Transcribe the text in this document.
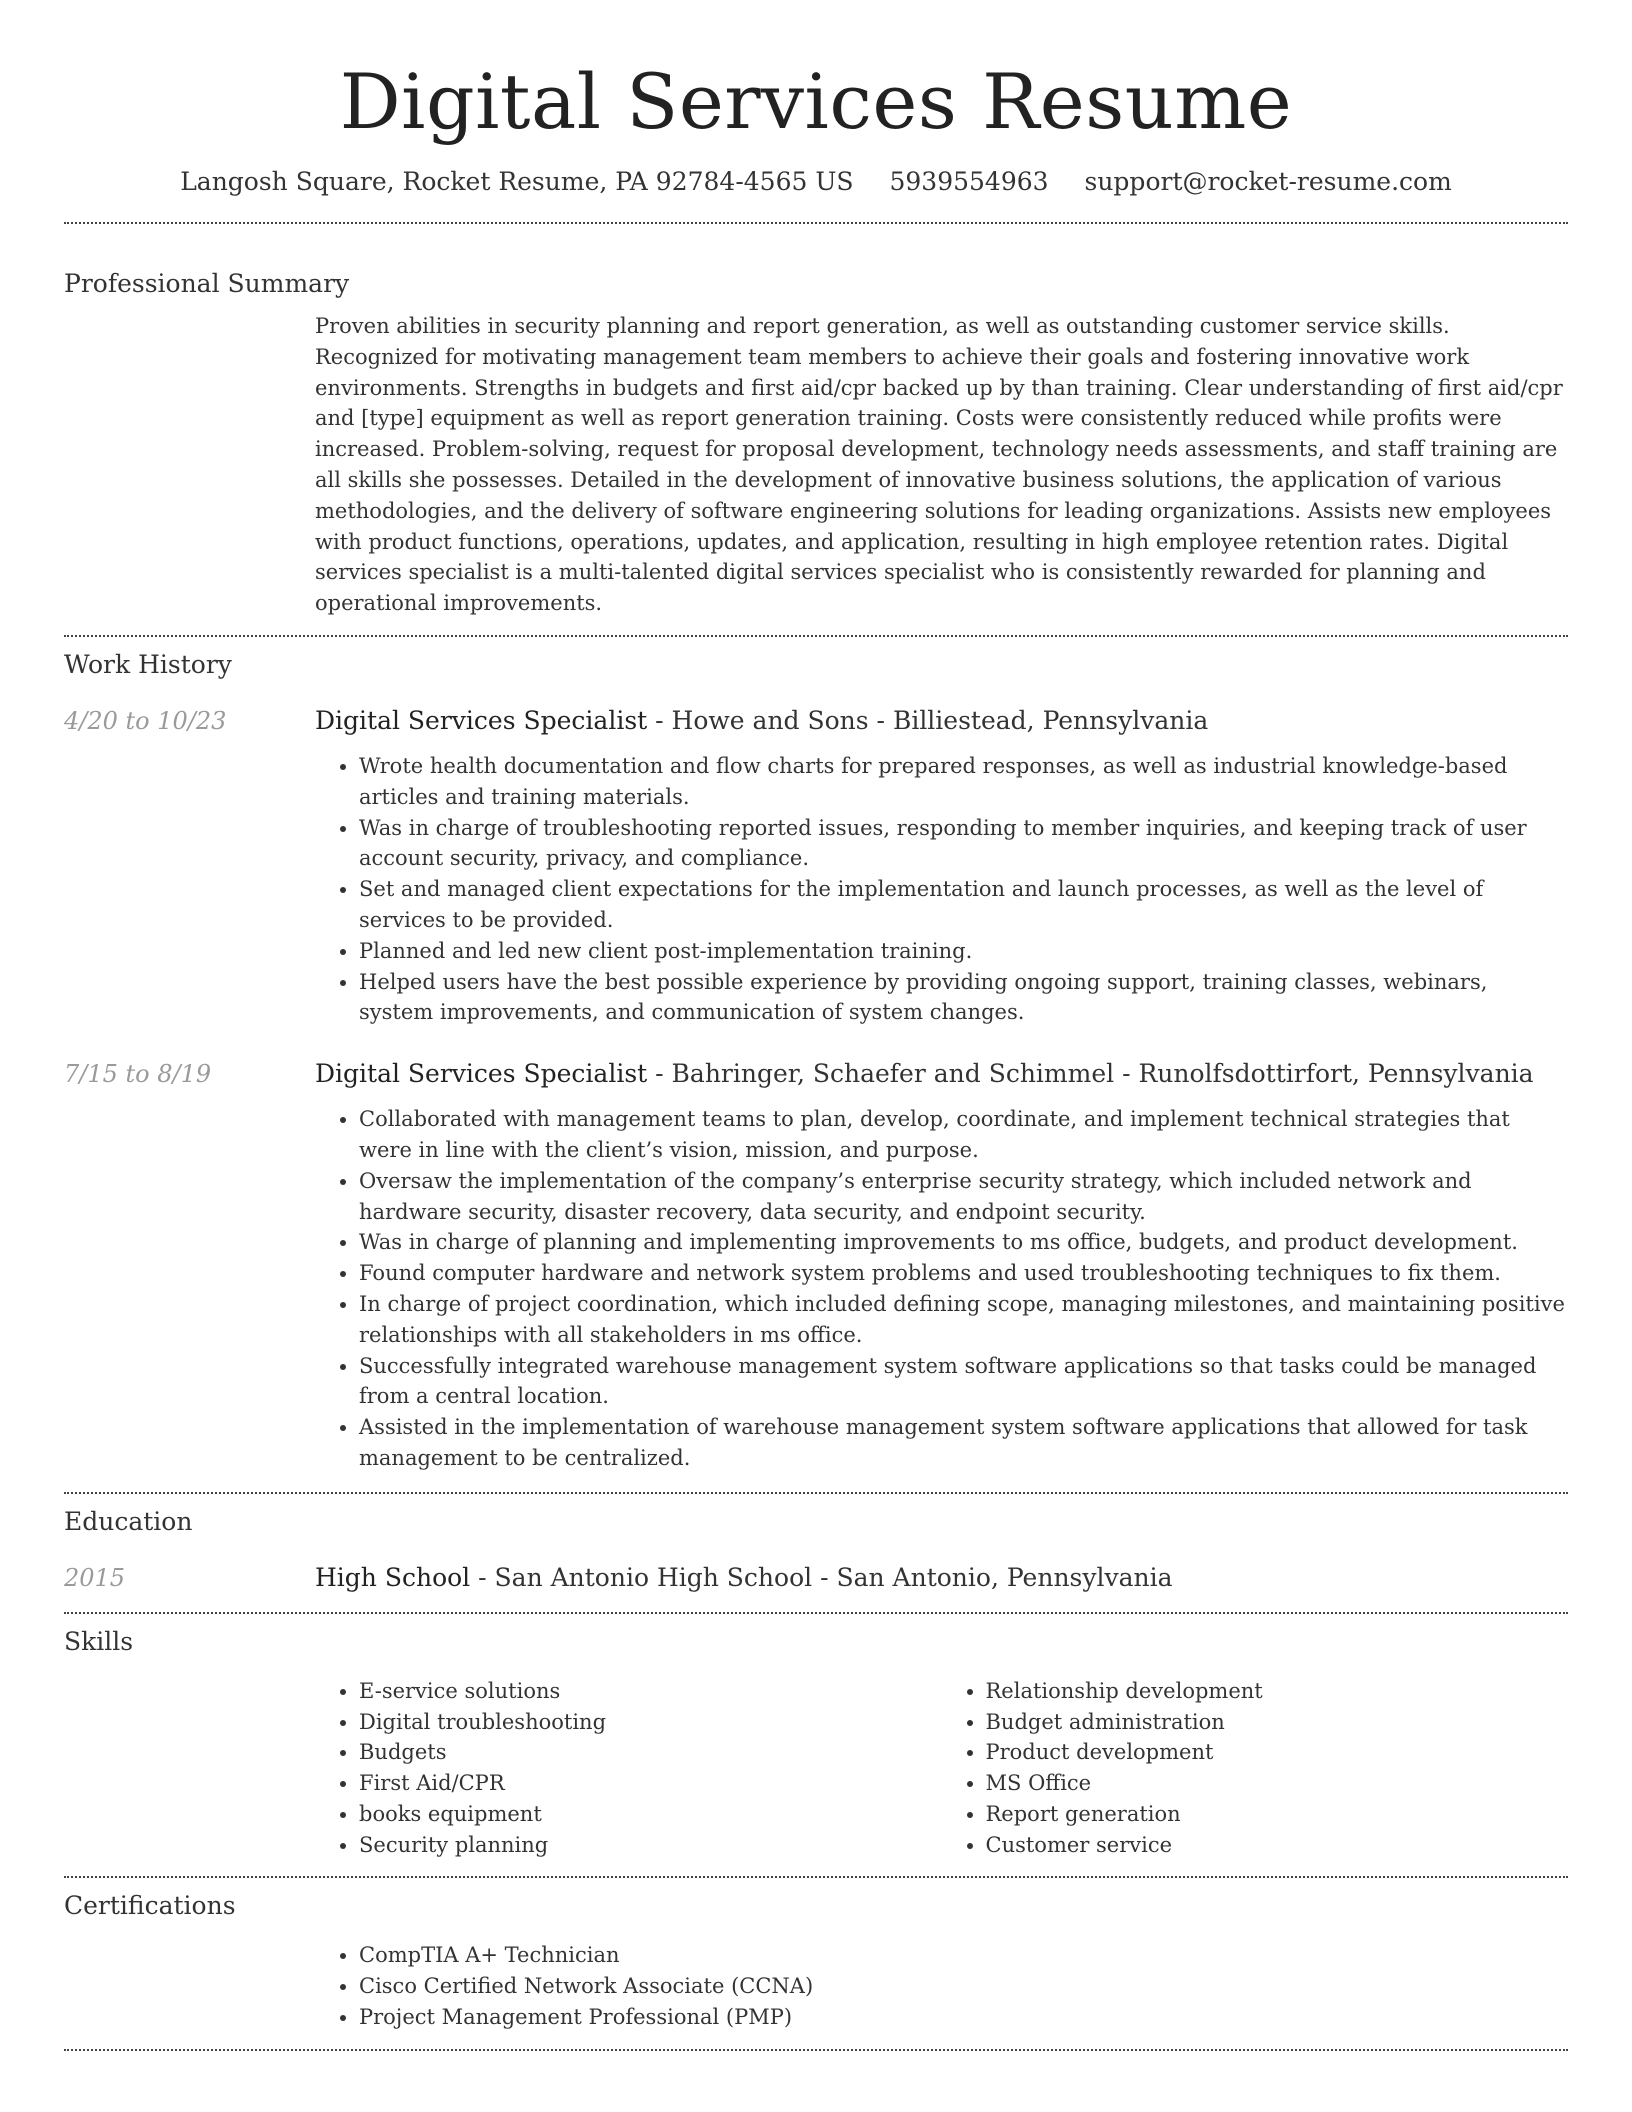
Digital Services Resume
Langosh Square, Rocket Resume, PA 92784-4565 US 5939554963 support@rocket-resume.com
Professional Summary

Proven abilities in security planning and report generation, as well as outstanding customer service skills. Recognized for motivating management team members to achieve their goals and fostering innovative work environments. Strengths in budgets and first aid/cpr backed up by than training. Clear understanding of first aid/cpr and [type] equipment as well as report generation training. Costs were consistently reduced while profits were increased. Problem-solving, request for proposal development, technology needs assessments, and staff training are all skills she possesses. Detailed in the development of innovative business solutions, the application of various methodologies, and the delivery of software engineering solutions for leading organizations. Assists new employees with product functions, operations, updates, and application, resulting in high employee retention rates. Digital services specialist is a multi-talented digital services specialist who is consistently rewarded for planning and operational improvements.

Work History
4/20 to 10/23	Digital Services Specialist - Howe and Sons - Billiestead, Pennsylvania

• Wrote health documentation and flow charts for prepared responses, as well as industrial knowledge-based articles and training materials.
• Was in charge of troubleshooting reported issues, responding to member inquiries, and keeping track of user account security, privacy, and compliance.
• Set and managed client expectations for the implementation and launch processes, as well as the level of services to be provided.
• Planned and led new client post-implementation training.
• Helped users have the best possible experience by providing ongoing support, training classes, webinars, system improvements, and communication of system changes.
7/15 to 8/19	Digital Services Specialist - Bahringer, Schaefer and Schimmel - Runolfsdottirfort, Pennsylvania

• Collaborated with management teams to plan, develop, coordinate, and implement technical strategies that were in line with the client’s vision, mission, and purpose.
• Oversaw the implementation of the company’s enterprise security strategy, which included network and hardware security, disaster recovery, data security, and endpoint security.
• Was in charge of planning and implementing improvements to ms office, budgets, and product development.
• Found computer hardware and network system problems and used troubleshooting techniques to fix them.
• In charge of project coordination, which included defining scope, managing milestones, and maintaining positive relationships with all stakeholders in ms office.
• Successfully integrated warehouse management system software applications so that tasks could be managed from a central location.
• Assisted in the implementation of warehouse management system software applications that allowed for task management to be centralized.
Education
2015	High School - San Antonio High School - San Antonio, Pennsylvania

Skills
• E-service solutions
• Digital troubleshooting
• Budgets
• First Aid/CPR
• books equipment
• Security planning
• Relationship development
• Budget administration
• Product development
• MS Office
• Report generation
• Customer service
Certifications
• CompTIA A+ Technician
• Cisco Certified Network Associate (CCNA)
• Project Management Professional (PMP)
